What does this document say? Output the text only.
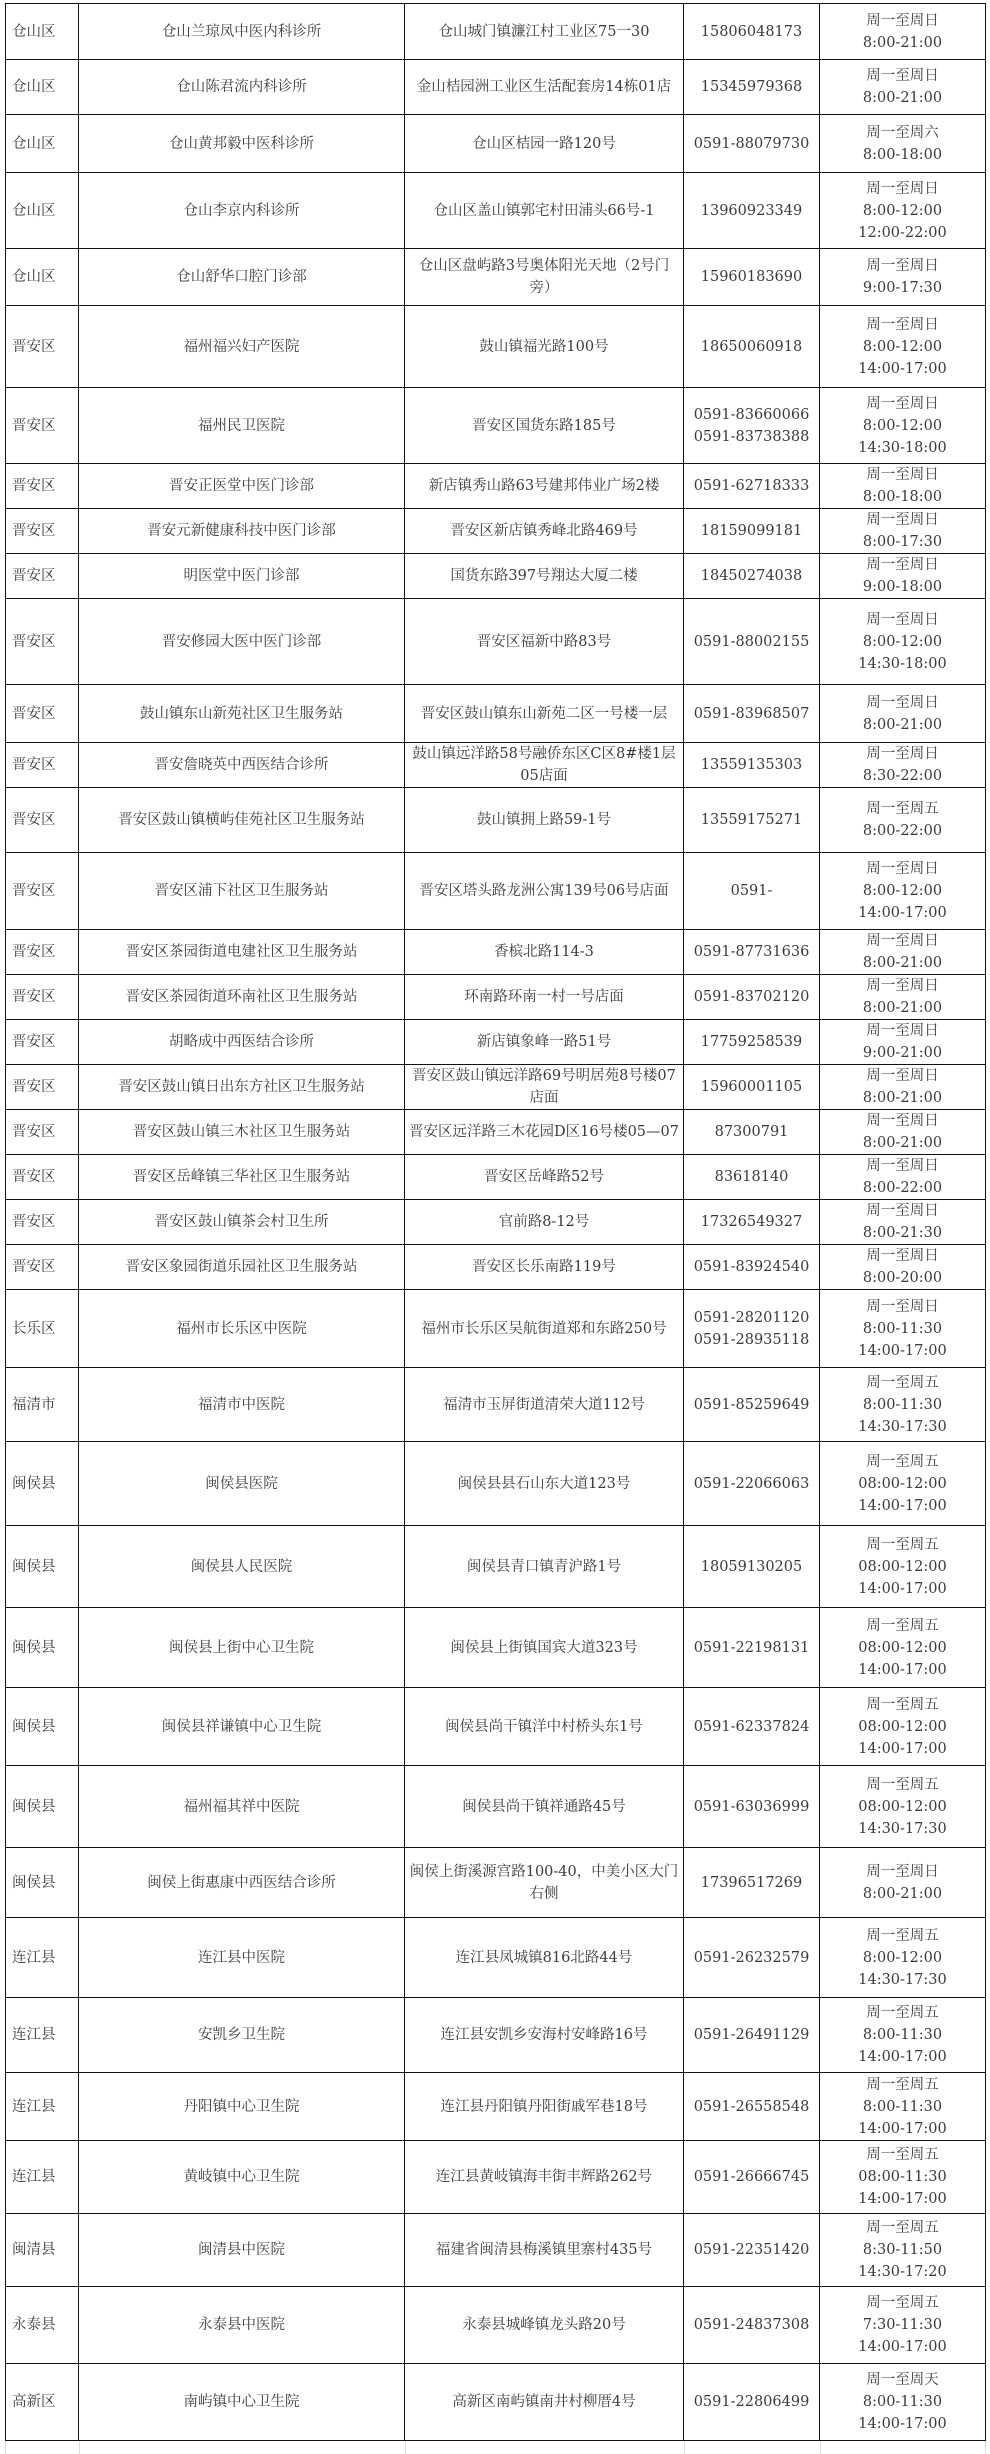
仓山区	仓山兰琼凤中医内科诊所	仓山城门镇濂江村工业区75一30	15806048173	周一至周日
8:00-21:00

仓山区	仓山陈君流内科诊所	金山桔园洲工业区生活配套房14栋01店	15345979368	周一至周日
8:00-21:00

仓山区	仓山黄邦毅中医科诊所	仓山区桔园一路120号	0591-88079730	周一至周六
8:00-18:00

仓山区	仓山李京内科诊所	仓山区盖山镇郭宅村田浦头66号-1	13960923349	周一至周日
8:00-12:00
12:00-22:00

仓山区	仓山舒华口腔门诊部	仓山区盘屿路3号奥体阳光天地（2号门旁）	15960183690	周一至周日
9:00-17:30

晋安区	福州福兴妇产医院	鼓山镇福光路100号	18650060918	周一至周日
8:00-12:00
14:00-17:00

晋安区	福州民卫医院	晋安区国货东路185号	0591-83660066
0591-83738388	周一至周日
8:00-12:00
14:30-18:00

晋安区	晋安正医堂中医门诊部	新店镇秀山路63号建邦伟业广场2楼	0591-62718333	周一至周日
8:00-18:00

晋安区	晋安元新健康科技中医门诊部	晋安区新店镇秀峰北路469号	18159099181	周一至周日
8:00-17:30

晋安区	明医堂中医门诊部	国货东路397号翔达大厦二楼	18450274038	周一至周日
9:00-18:00

晋安区	晋安修园大医中医门诊部	晋安区福新中路83号	0591-88002155	周一至周日
8:00-12:00
14:30-18:00

晋安区	鼓山镇东山新苑社区卫生服务站	晋安区鼓山镇东山新苑二区一号楼一层	0591-83968507	周一至周日
8:00-21:00

晋安区	晋安詹晓英中西医结合诊所	鼓山镇远洋路58号融侨东区C区8#楼1层05店面	13559135303	周一至周日
8:30-22:00

晋安区	晋安区鼓山镇横屿佳苑社区卫生服务站	鼓山镇拥上路59-1号	13559175271	周一至周五
8:00-22:00

晋安区	晋安区浦下社区卫生服务站	晋安区塔头路龙洲公寓139号06号店面	0591-	周一至周日
8:00-12:00
14:00-17:00

晋安区	晋安区茶园街道电建社区卫生服务站	香槟北路114-3	0591-87731636	周一至周日
8:00-21:00

晋安区	晋安区茶园街道环南社区卫生服务站	环南路环南一村一号店面	0591-83702120	周一至周日
8:00-21:00

晋安区	胡略成中西医结合诊所	新店镇象峰一路51号	17759258539	周一至周日
9:00-21:00

晋安区	晋安区鼓山镇日出东方社区卫生服务站	晋安区鼓山镇远洋路69号明居苑8号楼07店面	15960001105	周一至周日
8:00-21:00

晋安区	晋安区鼓山镇三木社区卫生服务站	晋安区远洋路三木花园D区16号楼05—07	87300791	周一至周日
8:00-21:00

晋安区	晋安区岳峰镇三华社区卫生服务站	晋安区岳峰路52号	83618140	周一至周日
8:00-22:00

晋安区	晋安区鼓山镇茶会村卫生所	官前路8-12号	17326549327	周一至周日
8:00-21:30

晋安区	晋安区象园街道乐园社区卫生服务站	晋安区长乐南路119号	0591-83924540	周一至周日
8:00-20:00

长乐区	福州市长乐区中医院	福州市长乐区吴航街道郑和东路250号	0591-28201120
0591-28935118	周一至周日
8:00-11:30
14:00-17:00

福清市	福清市中医院	福清市玉屏街道清荣大道112号	0591-85259649	周一至周五
8:00-11:30
14:30-17:30

闽侯县	闽侯县医院	闽侯县县石山东大道123号	0591-22066063	周一至周五
08:00-12:00
14:00-17:00

闽侯县	闽侯县人民医院	闽侯县青口镇青沪路1号	18059130205	周一至周五
08:00-12:00
14:00-17:00

闽侯县	闽侯县上街中心卫生院	闽侯县上街镇国宾大道323号	0591-22198131	周一至周五
08:00-12:00
14:00-17:00

闽侯县	闽侯县祥谦镇中心卫生院	闽侯县尚干镇洋中村桥头东1号	0591-62337824	周一至周五
08:00-12:00
14:00-17:00

闽侯县	福州福其祥中医院	闽侯县尚干镇祥通路45号	0591-63036999	周一至周五
08:00-12:00
14:30-17:30

闽侯县	闽侯上街惠康中西医结合诊所	闽侯上街溪源宫路100-40，中美小区大门右侧	17396517269	周一至周日
8:00-21:00

连江县	连江县中医院	连江县凤城镇816北路44号	0591-26232579	周一至周五
8:00-12:00
14:30-17:30

连江县	安凯乡卫生院	连江县安凯乡安海村安峰路16号	0591-26491129	周一至周五
8:00-11:30
14:00-17:00

连江县	丹阳镇中心卫生院	连江县丹阳镇丹阳街戚军巷18号	0591-26558548	周一至周五
8:00-11:30
14:00-17:00

连江县	黄岐镇中心卫生院	连江县黄岐镇海丰街丰辉路262号	0591-26666745	周一至周五
08:00-11:30
14:00-17:00

闽清县	闽清县中医院	福建省闽清县梅溪镇里寨村435号	0591-22351420	周一至周五
8:30-11:50
14:30-17:20

永泰县	永泰县中医院	永泰县城峰镇龙头路20号	0591-24837308	周一至周五
7:30-11:30
14:00-17:00

高新区	南屿镇中心卫生院	高新区南屿镇南井村柳厝4号	0591-22806499	周一至周天
8:00-11:30
14:00-17:00
